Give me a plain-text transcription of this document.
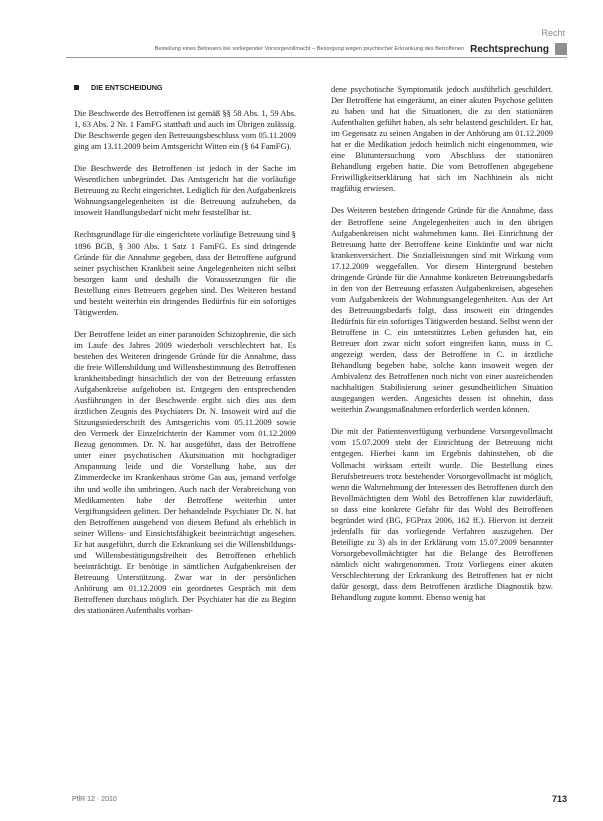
Recht
Bestellung eines Betreuers bei vorliegender Vorsorgevollmacht – Besorgung wegen psychischer Erkrankung des Betroffenen Rechtsprechung
DIE ENTSCHEIDUNG

Die Beschwerde des Betroffenen ist gemäß §§ 58 Abs. 1, 59 Abs. 1, 63 Abs. 2 Nr. 1 FamFG statthaft und auch im Übrigen zulässig. Die Beschwerde gegen den Betreuungsbeschluss vom 05.11.2009 ging am 13.11.2009 beim Amtsgericht Witten ein (§ 64 FamFG).

Die Beschwerde des Betroffenen ist jedoch in der Sache im Wesentlichen unbegründet. Das Amtsgericht hat die vorläufige Betreuung zu Recht eingerichtet. Lediglich für den Aufgabenkreis Wohnungsangelegenheiten ist die Betreuung aufzuheben, da insoweit Handlungsbedarf nicht mehr feststellbar ist.

Rechtsgrundlage für die eingerichtete vorläufige Betreuung sind § 1896 BGB, § 300 Abs. 1 Satz 1 FamFG. Es sind dringende Gründe für die Annahme gegeben, dass der Betroffene aufgrund seiner psychischen Krankheit seine Angelegenheiten nicht selbst besorgen kann und deshalb die Voraussetzungen für die Bestellung eines Betreuers gegeben sind. Des Weiteren bestand und besteht weiterhin ein dringendes Bedürfnis für ein sofortiges Tätigwerden.

Der Betroffene leidet an einer paranoiden Schizophrenie, die sich im Laufe des Jahres 2009 wiederholt verschlechtert hat. Es bestehen des Weiteren dringende Gründe für die Annahme, dass die freie Willensbildung und Willensbestimmung des Betroffenen krankheitsbedingt hinsichtlich der von der Betreuung erfassten Aufgabenkreise aufgehoben ist. Entgegen den entsprechenden Ausführungen in der Beschwerde ergibt sich dies aus dem ärztlichen Zeugnis des Psychiaters Dr. N. Insoweit wird auf die Sitzungsniederschrift des Amtsgerichts vom 05.11.2009 sowie den Vermerk der Einzelrichterin der Kammer vom 01.12.2009 Bezug genommen. Dr. N. hat ausgeführt, dass der Betroffene unter einer psychotischen Akutsituation mit hochgradiger Anspannung leide und die Vorstellung habe, aus der Zimmerdecke im Krankenhaus ströme Gas aus, jemand verfolge ihn und wolle ihn umbringen. Auch nach der Verabreichung von Medikamenten habe der Betroffene weiterhin unter Vergiftungsideen gelitten. Der behandelnde Psychiater Dr. N. hat den Betroffenen ausgehend von diesem Befund als erheblich in seiner Willens- und Einsichtsfähigkeit beeinträchtigt angesehen. Er hat ausgeführt, durch die Erkrankung sei die Willensbildungs- und Willensbestätigungsfreiheit des Betroffenen erheblich beeinträchtigt. Er benötige in sämtlichen Aufgabenkreisen der Betreuung Unterstützung. Zwar war in der persönlichen Anhörung am 01.12.2009 ein geordnetes Gespräch mit dem Betroffenen durchaus möglich. Der Psychiater hat die zu Beginn des stationären Aufenthalts vorhan-

dene psychotische Symptomatik jedoch ausführlich geschildert. Der Betroffene hat eingeräumt, an einer akuten Psychose gelitten zu haben und hat die Situationen, die zu den stationären Aufenthalten geführt haben, als sehr belastend geschildert. Er hat, im Gegensatz zu seinen Angaben in der Anhörung am 01.12.2009 hat er die Medikation jedoch heimlich nicht eingenommen, wie eine Blutuntersuchung vom Abschluss der stationären Behandlung ergeben hatte. Die vom Betroffenen abgegebene Freiwilligkeitserklärung hat sich im Nachhinein als nicht tragfähig erwiesen.

Des Weiteren bestehen dringende Gründe für die Annahme, dass der Betroffene seine Angelegenheiten auch in den übrigen Aufgabenkreisen nicht wahrnehmen kann. Bei Einrichtung der Betreuung hatte der Betroffene keine Einkünfte und war nicht krankenversichert. Die Sozialleistungen sind mit Wirkung vom 17.12.2009 weggefallen. Vor diesem Hintergrund bestehen dringende Gründe für die Annahme konkreten Betreuungsbedarfs in den von der Betreuung erfassten Aufgabenkreisen, abgesehen vom Aufgabenkreis der Wohnungsangelegenheiten. Aus der Art des Betreuungsbedarfs folgt, dass insoweit ein dringendes Bedürfnis für ein sofortiges Tätigwerden bestand. Selbst wenn der Betroffene in C. ein unterstütztes Leben gefunden hat, ein Betreuer dort zwar nicht sofort eingreifen kann, muss in C. angezeigt werden, dass der Betroffene in C. in ärztliche Behandlung begeben habe, solche kann insoweit wegen der Ambivalenz des Betroffenen noch nicht von einer ausreichenden nachhaltigen Stabilisierung seiner gesundheitlichen Situation ausgegangen werden. Angesichts dessen ist ohnehin, dass weiterhin Zwangsmaßnahmen erforderlich werden können.

Die mit der Patientenverfügung verbundene Vorsorgevollmacht vom 15.07.2009 steht der Einrichtung der Betreuung nicht entgegen. Hierbei kann im Ergebnis dahinstehen, ob die Vollmacht wirksam erteilt wurde. Die Bestellung eines Berufsbetreuers trotz bestehender Vorsorgevollmacht ist möglich, wenn die Wahrnehmung der Interessen des Betroffenen durch den Bevollmächtigten dem Wohl des Betroffenen klar zuwiderläuft, so dass eine konkrete Gefahr für das Wohl des Betroffenen begründet wird (BG, FGPrax 2006, 162 ff.). Hiervon ist derzeit jedenfalls für das vorliegende Verfahren auszugehen. Der Beteiligte zu 3) als in der Erklärung vom 15.07.2009 benannter Vorsorgebevollmächtigter hat die Belange des Betroffenen nämlich nicht wahrgenommen. Trotz Vorliegens einer akuten Verschlechterung der Erkrankung des Betroffenen hat er nicht dafür gesorgt, dass dem Betroffenen ärztliche Diagnostik bzw. Behandlung zugute kommt. Ebenso wenig hat

PflR 12 · 2010	713
